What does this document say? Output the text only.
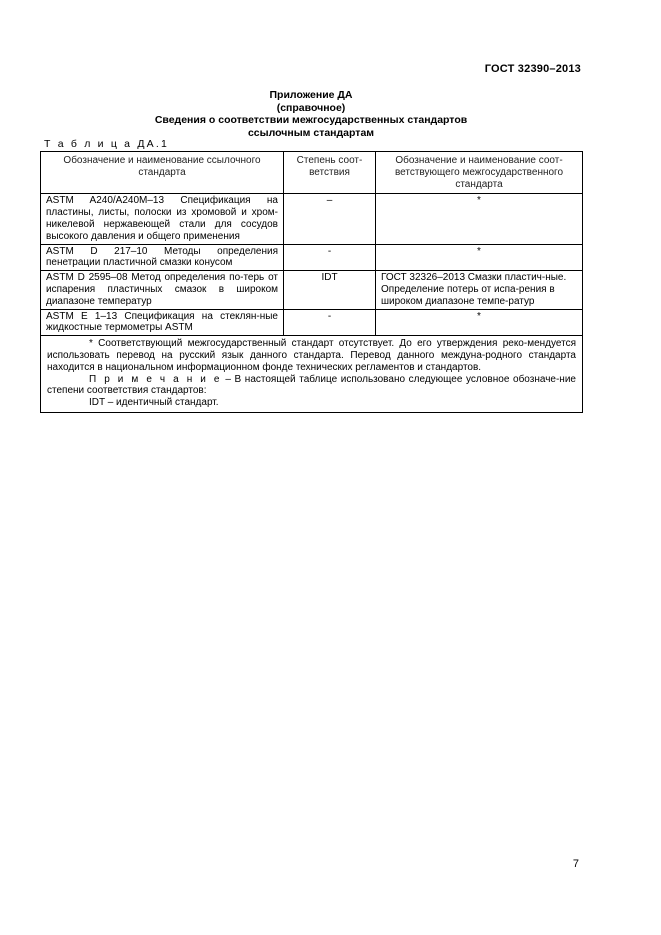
ГОСТ 32390–2013
Приложение ДА
(справочное)
Сведения о соответствии межгосударственных стандартов
ссылочным стандартам
Т а б л и ц а ДА.1
Обозначение и наименование ссылочного стандарта	Степень соот-ветствия	Обозначение и наименование соот-ветствующего межгосударственного стандарта
ASTM A240/A240M–13 Спецификация на пластины, листы, полоски из хромовой и хром-никелевой нержавеющей стали для сосудов высокого давления и общего применения	–	*
ASTM D 217–10 Методы определения пенетрации пластичной смазки конусом	-	*
ASTM D 2595–08 Метод определения по-терь от испарения пластичных смазок в широком диапазоне температур	IDT	ГОСТ 32326–2013 Смазки пластич-ные. Определение потерь от испа-рения в широком диапазоне темпе-ратур
ASTM E 1–13 Спецификация на стеклян-ные жидкостные термометры ASTM	-	*

* Соответствующий межгосударственный стандарт отсутствует. До его утверждения реко-мендуется использовать перевод на русский язык данного стандарта. Перевод данного междуна-родного стандарта находится в национальном информационном фонде технических регламентов и стандартов.

П р и м е ч а н и е – В настоящей таблице использовано следующее условное обозначе-ние степени соответствия стандартов:

IDT – идентичный стандарт.		

7
